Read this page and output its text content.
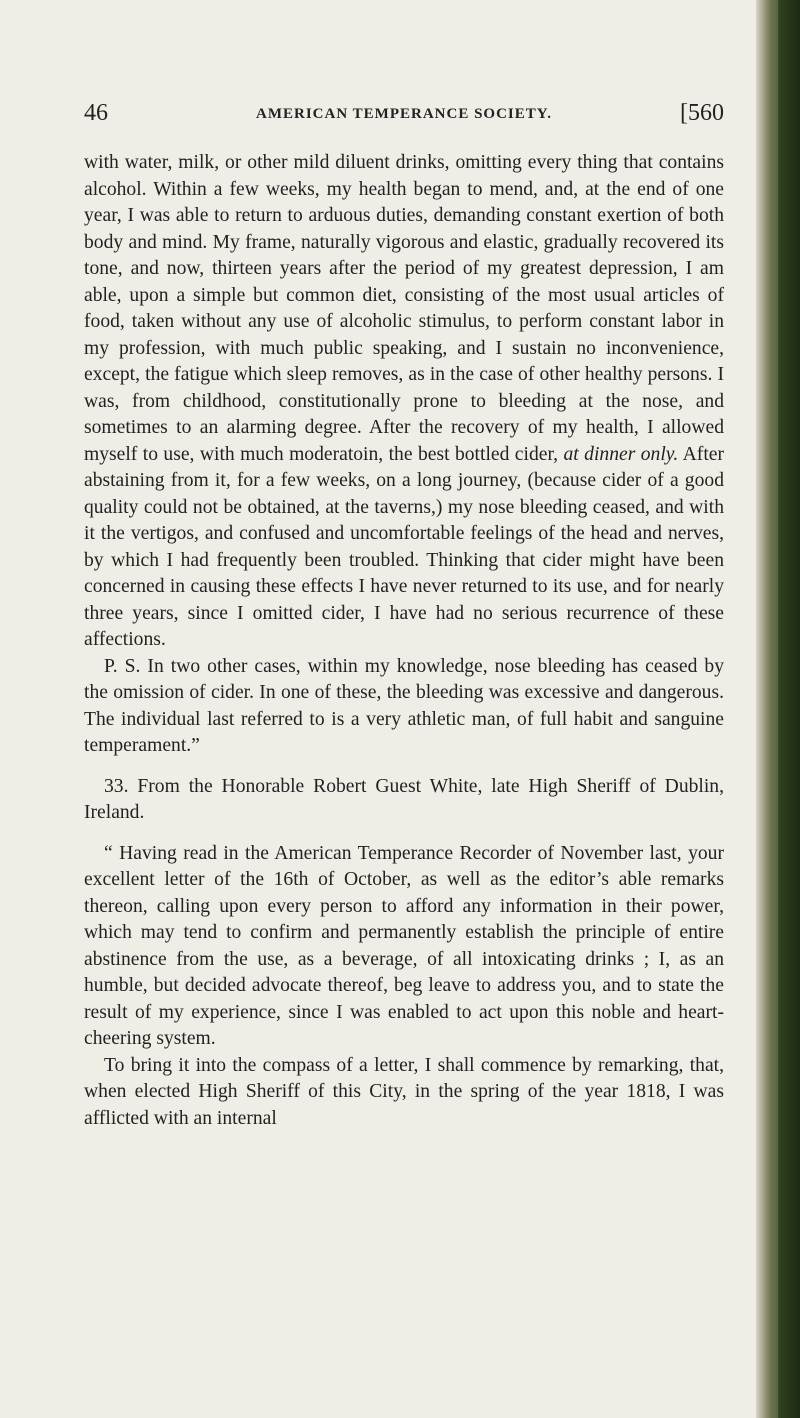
46	AMERICAN TEMPERANCE SOCIETY.	[560

with water, milk, or other mild diluent drinks, omitting every thing that contains alcohol. Within a few weeks, my health began to mend, and, at the end of one year, I was able to return to arduous duties, demanding constant exertion of both body and mind. My frame, naturally vigorous and elastic, gradually recovered its tone, and now, thirteen years after the period of my greatest depression, I am able, upon a simple but common diet, consisting of the most usual articles of food, taken without any use of alcoholic stimulus, to perform constant labor in my profession, with much public speaking, and I sustain no inconvenience, except, the fatigue which sleep removes, as in the case of other healthy persons. I was, from childhood, constitutionally prone to bleeding at the nose, and sometimes to an alarming degree. After the recovery of my health, I allowed myself to use, with much moderatoin, the best bottled cider, at dinner only. After abstaining from it, for a few weeks, on a long journey, (because cider of a good quality could not be obtained, at the taverns,) my nose bleeding ceased, and with it the vertigos, and confused and uncomfortable feelings of the head and nerves, by which I had frequently been troubled. Thinking that cider might have been concerned in causing these effects I have never returned to its use, and for nearly three years, since I omitted cider, I have had no serious recurrence of these affections.

P. S. In two other cases, within my knowledge, nose bleeding has ceased by the omission of cider. In one of these, the bleeding was excessive and dangerous. The individual last referred to is a very athletic man, of full habit and sanguine temperament.”

33. From the Honorable Robert Guest White, late High Sheriff of Dublin, Ireland.

“ Having read in the American Temperance Recorder of November last, your excellent letter of the 16th of October, as well as the editor’s able remarks thereon, calling upon every person to afford any information in their power, which may tend to confirm and permanently establish the principle of entire abstinence from the use, as a beverage, of all intoxicating drinks ; I, as an humble, but decided advocate thereof, beg leave to address you, and to state the result of my experience, since I was enabled to act upon this noble and heart-cheering system.

To bring it into the compass of a letter, I shall commence by remarking, that, when elected High Sheriff of this City, in the spring of the year 1818, I was afflicted with an internal
